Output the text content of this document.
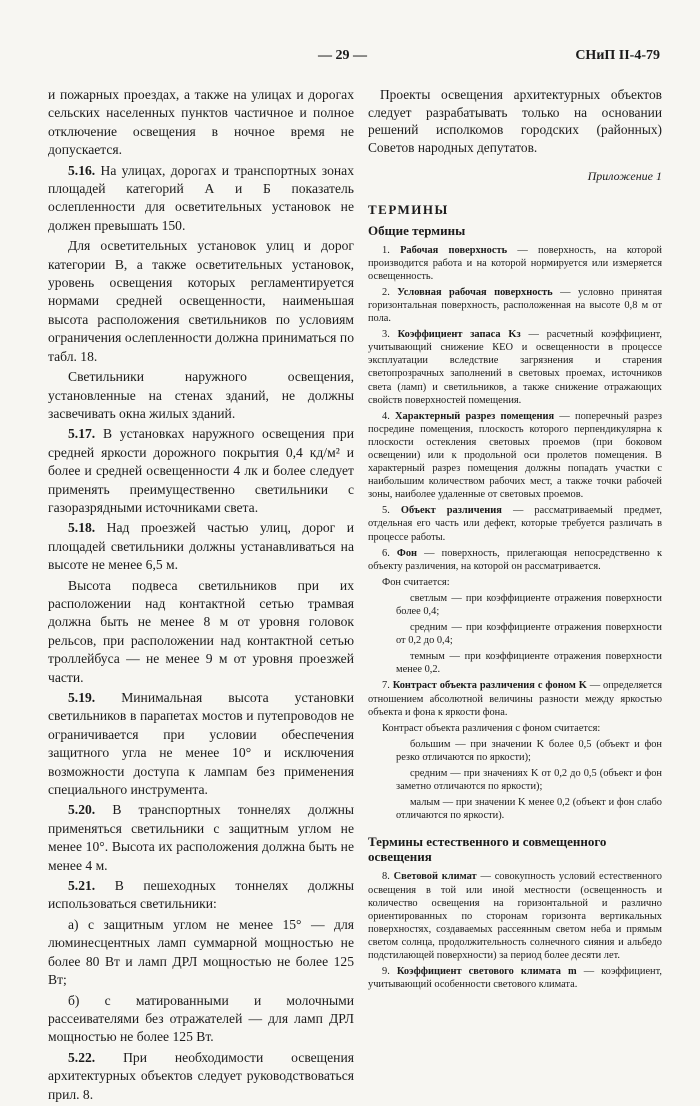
— 29 —	СНиП II-4-79

и пожарных проездах, а также на улицах и дорогах сельских населенных пунктов частичное и полное отключение освещения в ночное время не допускается.

5.16. На улицах, дорогах и транспортных зонах площадей категорий А и Б показатель ослепленности для осветительных установок не должен превышать 150.

Для осветительных установок улиц и дорог категории В, а также осветительных установок, уровень освещения которых регламентируется нормами средней освещенности, наименьшая высота расположения светильников по условиям ограничения ослепленности должна приниматься по табл. 18.

Светильники наружного освещения, установленные на стенах зданий, не должны засвечивать окна жилых зданий.

5.17. В установках наружного освещения при средней яркости дорожного покрытия 0,4 кд/м² и более и средней освещенности 4 лк и более следует применять преимущественно светильники с газоразрядными источниками света.

5.18. Над проезжей частью улиц, дорог и площадей светильники должны устанавливаться на высоте не менее 6,5 м.

Высота подвеса светильников при их расположении над контактной сетью трамвая должна быть не менее 8 м от уровня головок рельсов, при расположении над контактной сетью троллейбуса — не менее 9 м от уровня проезжей части.

5.19. Минимальная высота установки светильников в парапетах мостов и путепроводов не ограничивается при условии обеспечения защитного угла не менее 10° и исключения возможности доступа к лампам без применения специального инструмента.

5.20. В транспортных тоннелях должны применяться светильники с защитным углом не менее 10°. Высота их расположения должна быть не менее 4 м.

5.21. В пешеходных тоннелях должны использоваться светильники:

а) с защитным углом не менее 15° — для люминесцентных ламп суммарной мощностью не более 80 Вт и ламп ДРЛ мощностью не более 125 Вт;

б) с матированными и молочными рассеивателями без отражателей — для ламп ДРЛ мощностью не более 125 Вт.

5.22. При необходимости освещения архитектурных объектов следует руководствоваться прил. 8.

Проекты освещения архитектурных объектов следует разрабатывать только на основании решений исполкомов городских (районных) Советов народных депутатов.

Приложение 1
ТЕРМИНЫ
Общие термины

1. Рабочая поверхность — поверхность, на которой производится работа и на которой нормируется или измеряется освещенность.

2. Условная рабочая поверхность — условно принятая горизонтальная поверхность, расположенная на высоте 0,8 м от пола.

3. Коэффициент запаса Kз — расчетный коэффициент, учитывающий снижение КЕО и освещенности в процессе эксплуатации вследствие загрязнения и старения светопрозрачных заполнений в световых проемах, источников света (ламп) и светильников, а также снижение отражающих свойств поверхностей помещения.

4. Характерный разрез помещения — поперечный разрез посредине помещения, плоскость которого перпендикулярна к плоскости остекления световых проемов (при боковом освещении) или к продольной оси пролетов помещения. В характерный разрез помещения должны попадать участки с наибольшим количеством рабочих мест, а также точки рабочей зоны, наиболее удаленные от световых проемов.

5. Объект различения — рассматриваемый предмет, отдельная его часть или дефект, которые требуется различать в процессе работы.

6. Фон — поверхность, прилегающая непосредственно к объекту различения, на которой он рассматривается.

Фон считается:

светлым — при коэффициенте отражения поверхности более 0,4;

средним — при коэффициенте отражения поверхности от 0,2 до 0,4;

темным — при коэффициенте отражения поверхности менее 0,2.

7. Контраст объекта различения с фоном K — определяется отношением абсолютной величины разности между яркостью объекта и фона к яркости фона.

Контраст объекта различения с фоном считается:

большим — при значении K более 0,5 (объект и фон резко отличаются по яркости);

средним — при значениях K от 0,2 до 0,5 (объект и фон заметно отличаются по яркости);

малым — при значении K менее 0,2 (объект и фон слабо отличаются по яркости).

Термины естественного и совмещенного освещения

8. Световой климат — совокупность условий естественного освещения в той или иной местности (освещенность и количество освещения на горизонтальной и различно ориентированных по сторонам горизонта вертикальных поверхностях, создаваемых рассеянным светом неба и прямым светом солнца, продолжительность солнечного сияния и альбедо подстилающей поверхности) за период более десяти лет.

9. Коэффициент светового климата m — коэффициент, учитывающий особенности светового климата.
